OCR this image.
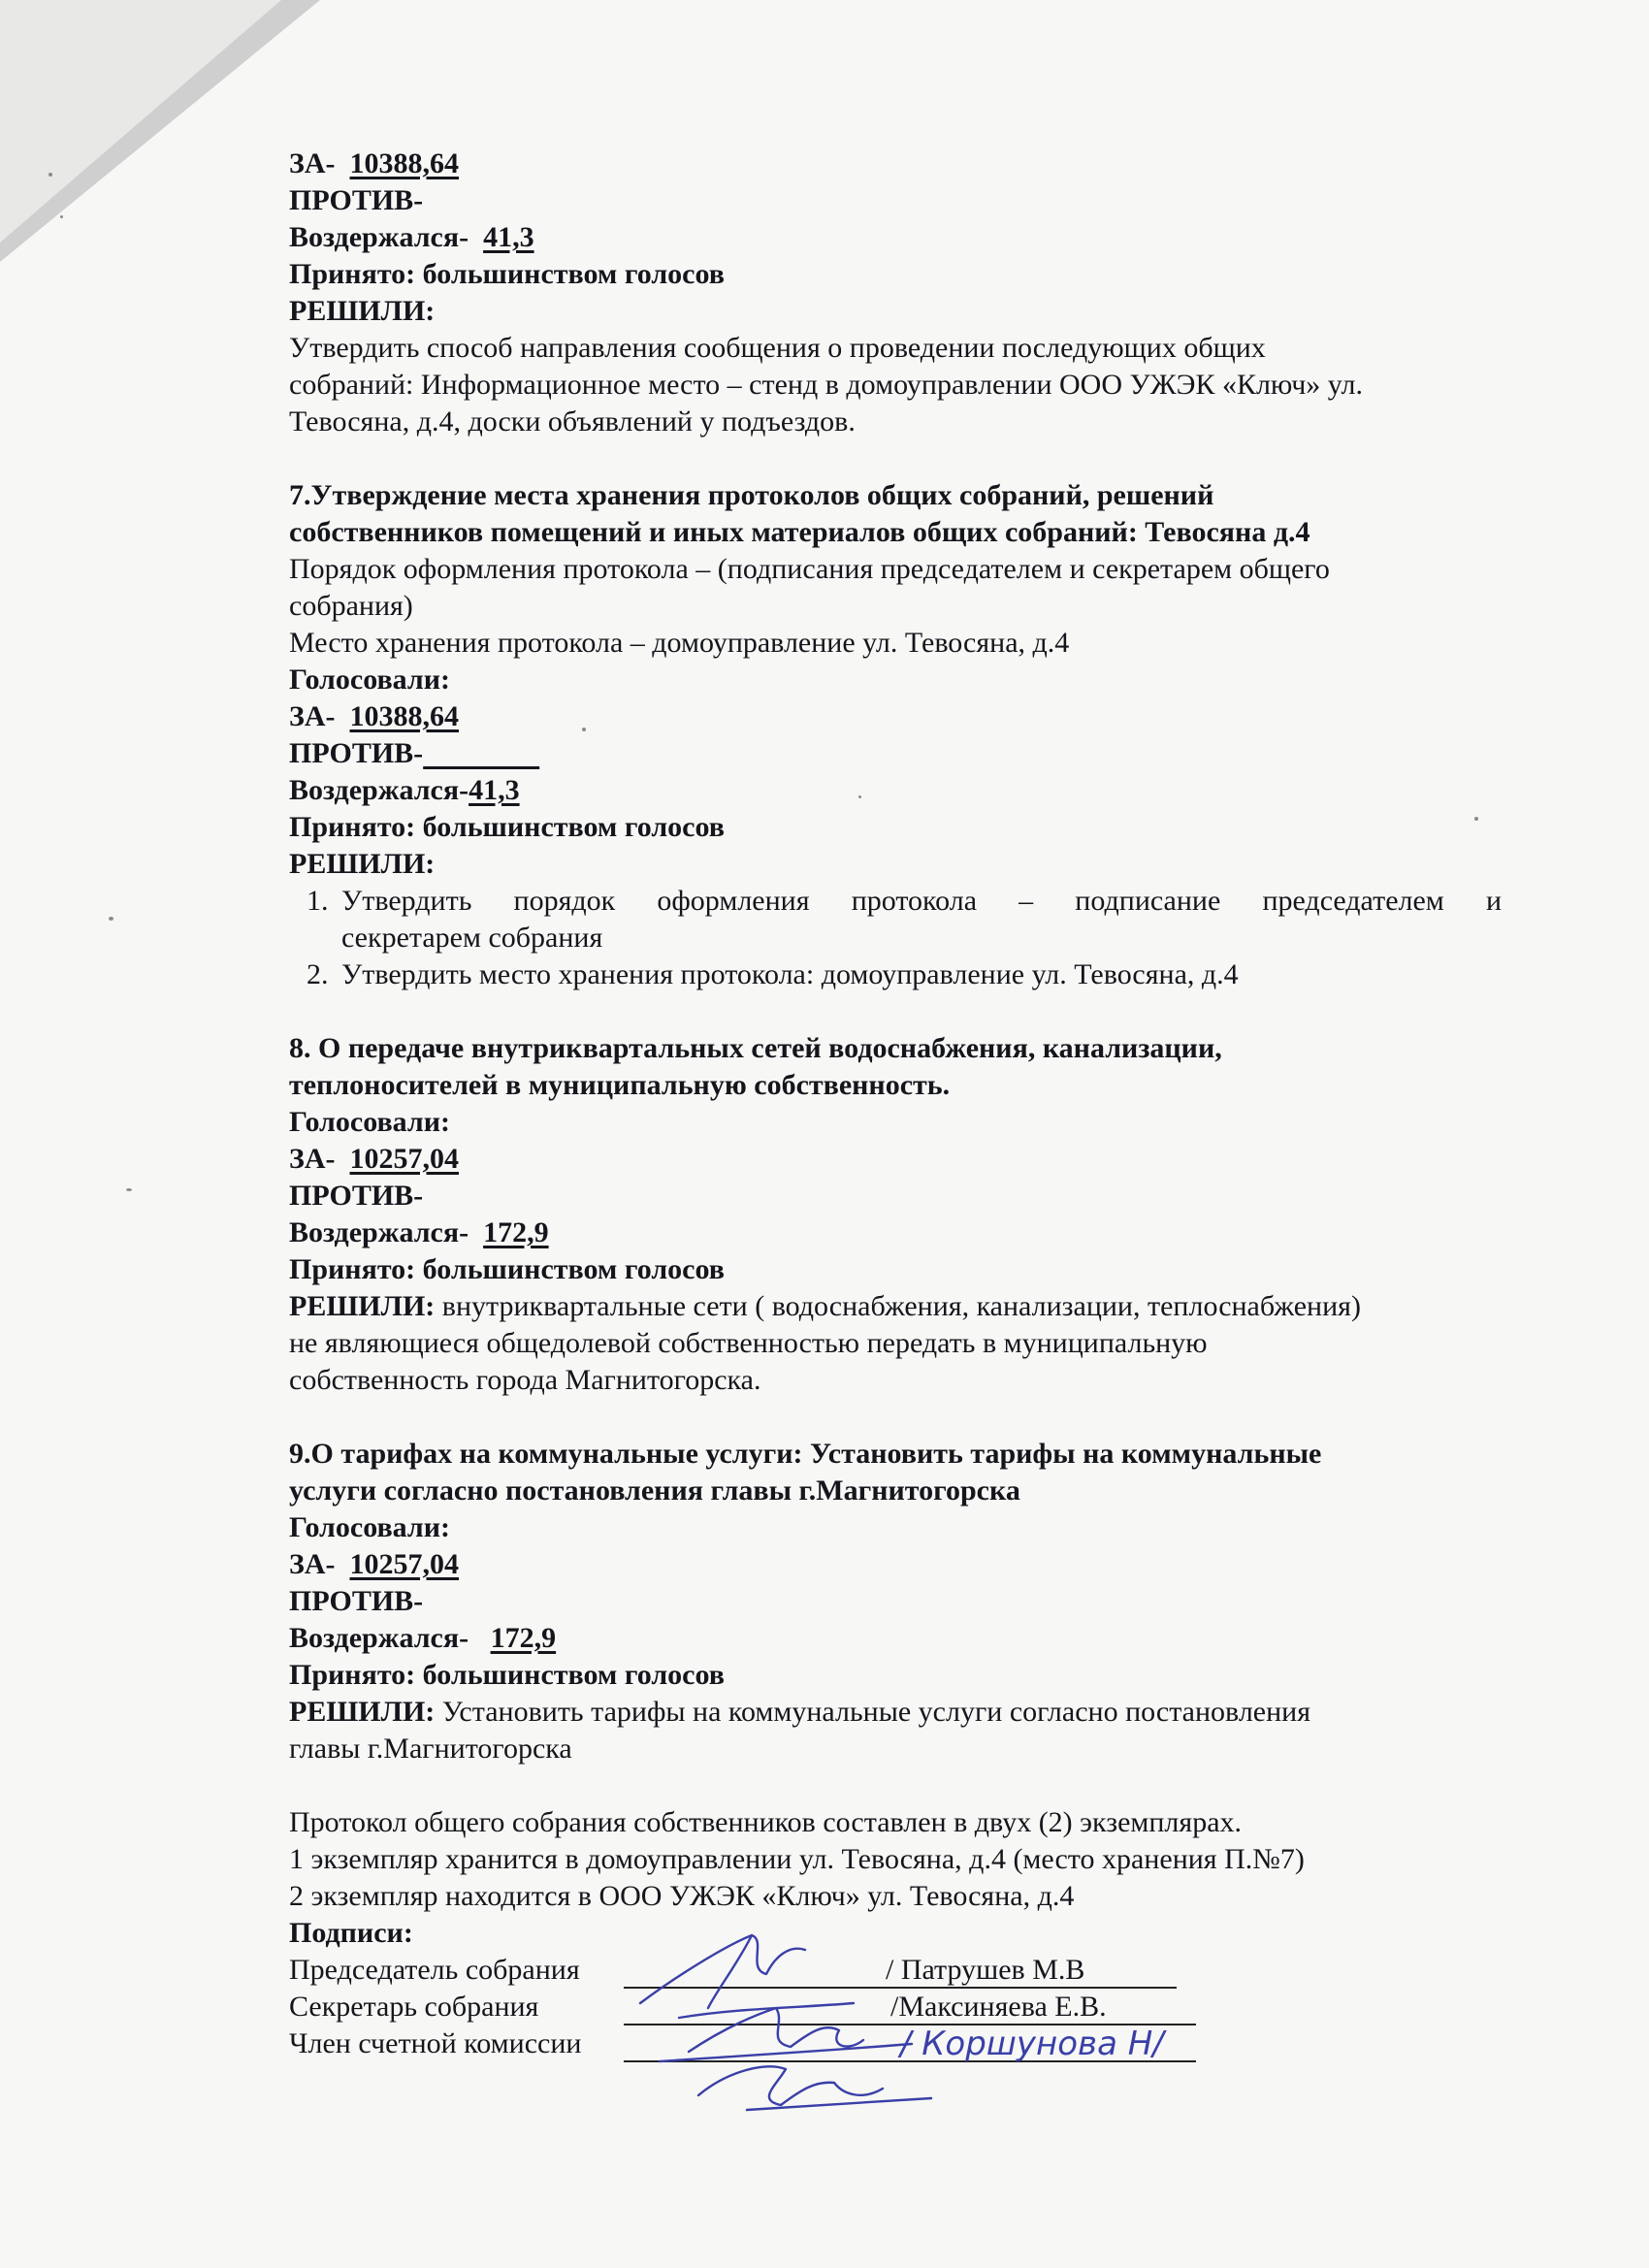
ЗА- 10388,64
ПРОТИВ-
Воздержался- 41,3
Принято: большинством голосов
РЕШИЛИ:
Утвердить способ направления сообщения о проведении последующих общих
собраний: Информационное место – стенд в домоуправлении ООО УЖЭК «Ключ» ул.
Тевосяна, д.4, доски объявлений у подъездов.
7.Утверждение места хранения протоколов общих собраний, решений
собственников помещений и иных материалов общих собраний: Тевосяна д.4
Порядок оформления протокола – (подписания председателем и секретарем общего
собрания)
Место хранения протокола – домоуправление ул. Тевосяна, д.4
Голосовали:
ЗА- 10388,64
ПРОТИВ-
Воздержался-41,3
Принято: большинством голосов
РЕШИЛИ:
1. Утвердить порядок оформления протокола – подписание председателем и
секретарем собрания
2. Утвердить место хранения протокола: домоуправление ул. Тевосяна, д.4
8. О передаче внутриквартальных сетей водоснабжения, канализации,
теплоносителей в муниципальную собственность.
Голосовали:
ЗА- 10257,04
ПРОТИВ-
Воздержался- 172,9
Принято: большинством голосов
РЕШИЛИ: внутриквартальные сети ( водоснабжения, канализации, теплоснабжения)
не являющиеся общедолевой собственностью передать в муниципальную
собственность города Магнитогорска.
9.О тарифах на коммунальные услуги: Установить тарифы на коммунальные
услуги согласно постановления главы г.Магнитогорска
Голосовали:
ЗА- 10257,04
ПРОТИВ-
Воздержался- 172,9
Принято: большинством голосов
РЕШИЛИ: Установить тарифы на коммунальные услуги согласно постановления
главы г.Магнитогорска
Протокол общего собрания собственников составлен в двух (2) экземплярах.
1 экземпляр хранится в домоуправлении ул. Тевосяна, д.4 (место хранения П.№7)
2 экземпляр находится в ООО УЖЭК «Ключ» ул. Тевосяна, д.4
Подписи:
Председатель собрания	/ Патрушев М.В
Секретарь собрания	/Максиняева Е.В.
Член счетной комиссии	/ Коршунова Н/
